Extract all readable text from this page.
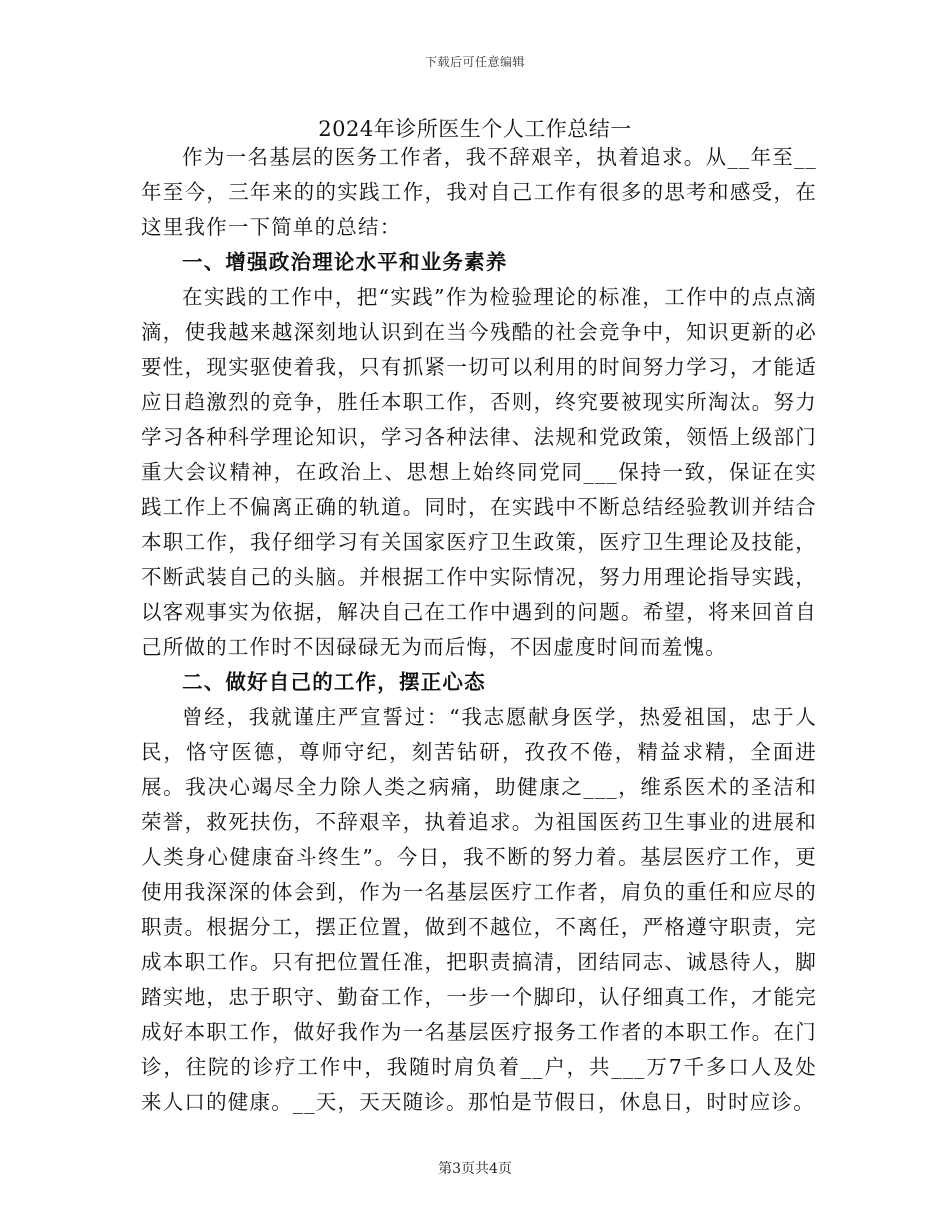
下载后可任意编辑
2024年诊所医生个人工作总结一

作为一名基层的医务工作者，我不辞艰辛，执着追求。从__年至__年至今，三年来的的实践工作，我对自己工作有很多的思考和感受，在这里我作一下简单的总结：

一、增强政治理论水平和业务素养

在实践的工作中，把“实践”作为检验理论的标准，工作中的点点滴滴，使我越来越深刻地认识到在当今残酷的社会竞争中，知识更新的必要性，现实驱使着我，只有抓紧一切可以利用的时间努力学习，才能适应日趋激烈的竞争，胜任本职工作，否则，终究要被现实所淘汰。努力学习各种科学理论知识，学习各种法律、法规和党政策，领悟上级部门重大会议精神，在政治上、思想上始终同党同___保持一致，保证在实践工作上不偏离正确的轨道。同时，在实践中不断总结经验教训并结合本职工作，我仔细学习有关国家医疗卫生政策，医疗卫生理论及技能，不断武装自己的头脑。并根据工作中实际情况，努力用理论指导实践，以客观事实为依据，解决自己在工作中遇到的问题。希望，将来回首自己所做的工作时不因碌碌无为而后悔，不因虚度时间而羞愧。

二、做好自己的工作，摆正心态

曾经，我就谨庄严宣誓过：“我志愿献身医学，热爱祖国，忠于人民，恪守医德，尊师守纪，刻苦钻研，孜孜不倦，精益求精，全面进展。我决心竭尽全力除人类之病痛，助健康之___，维系医术的圣洁和荣誉，救死扶伤，不辞艰辛，执着追求。为祖国医药卫生事业的进展和人类身心健康奋斗终生”。今日，我不断的努力着。基层医疗工作，更使用我深深的体会到，作为一名基层医疗工作者，肩负的重任和应尽的职责。根据分工，摆正位置，做到不越位，不离任，严格遵守职责，完成本职工作。只有把位置任准，把职责搞清，团结同志、诚恳待人，脚踏实地，忠于职守、勤奋工作，一步一个脚印，认仔细真工作，才能完成好本职工作，做好我作为一名基层医疗报务工作者的本职工作。在门诊，往院的诊疗工作中，我随时肩负着__户，共___万7千多口人及处来人口的健康。__天，天天随诊。那怕是节假日，休息日，时时应诊。

第3页共4页
